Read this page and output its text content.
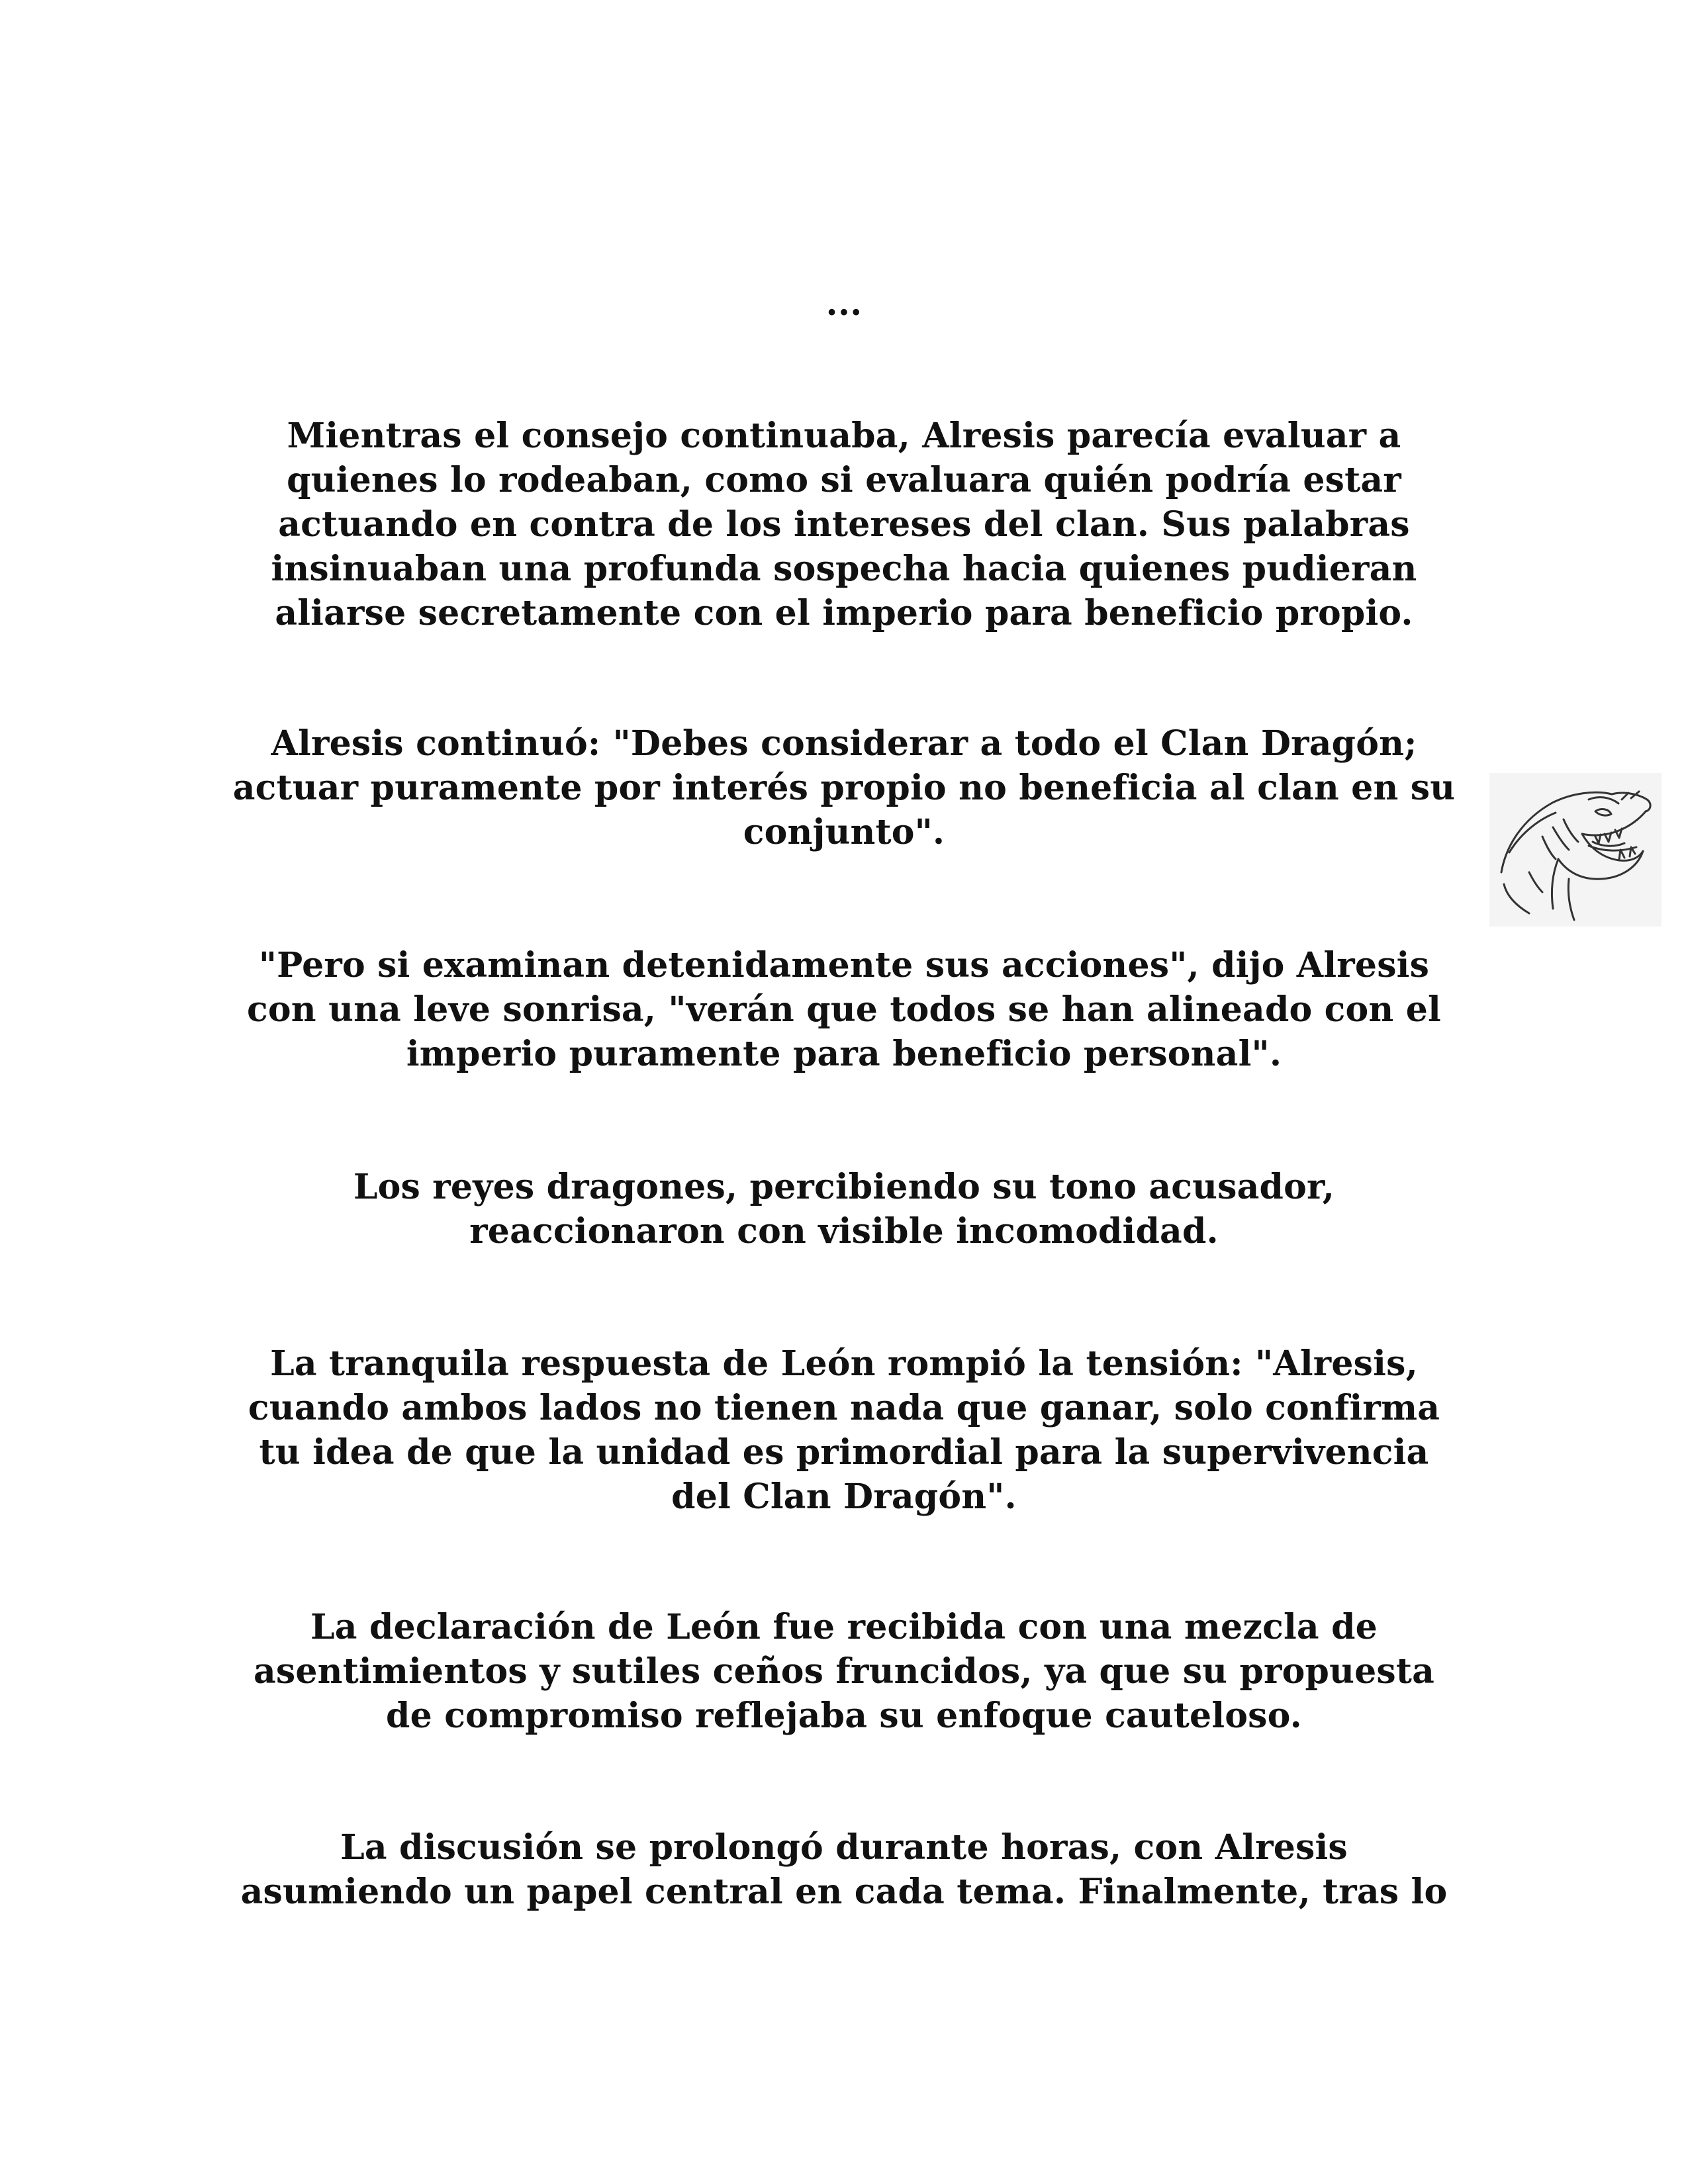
...
Mientras el consejo continuaba, Alresis parecía evaluar a
quienes lo rodeaban, como si evaluara quién podría estar
actuando en contra de los intereses del clan. Sus palabras
insinuaban una profunda sospecha hacia quienes pudieran
aliarse secretamente con el imperio para beneficio propio.
Alresis continuó: "Debes considerar a todo el Clan Dragón;
actuar puramente por interés propio no beneficia al clan en su
conjunto".
"Pero si examinan detenidamente sus acciones", dijo Alresis
con una leve sonrisa, "verán que todos se han alineado con el
imperio puramente para beneficio personal".
Los reyes dragones, percibiendo su tono acusador,
reaccionaron con visible incomodidad.
La tranquila respuesta de León rompió la tensión: "Alresis,
cuando ambos lados no tienen nada que ganar, solo confirma
tu idea de que la unidad es primordial para la supervivencia
del Clan Dragón".
La declaración de León fue recibida con una mezcla de
asentimientos y sutiles ceños fruncidos, ya que su propuesta
de compromiso reflejaba su enfoque cauteloso.
La discusión se prolongó durante horas, con Alresis
asumiendo un papel central en cada tema. Finalmente, tras lo
